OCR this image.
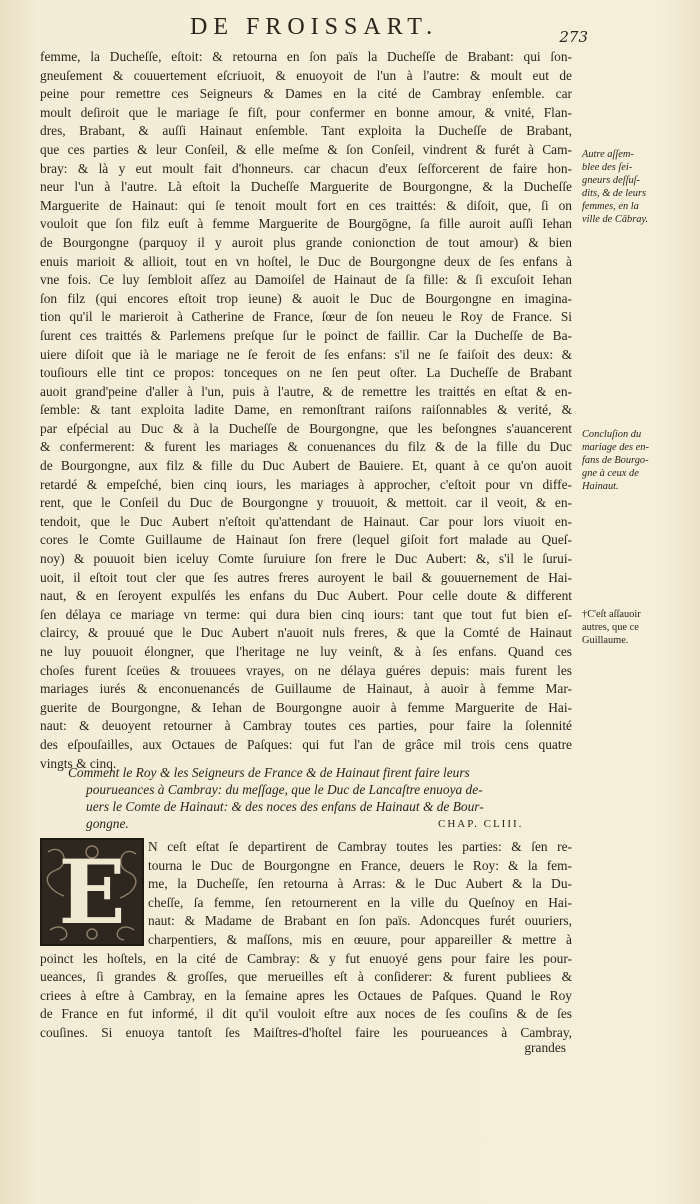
DE FROISSART.	273
femme, la Ducheſſe, eſtoit: & retourna en ſon païs la Ducheſſe de Brabant: qui ſon-
gneuſement & couuertement eſcriuoit, & enuoyoit de l'un à l'autre: & moult eut de
peine pour remettre ces Seigneurs & Dames en la cité de Cambray enſemble. car
moult deſiroit que le mariage ſe fiſt, pour confermer en bonne amour, & vnité, Flan-
dres, Brabant, & auſſi Hainaut enſemble. Tant exploita la Ducheſſe de Brabant,
que ces parties & leur Conſeil, & elle meſme & ſon Conſeil, vindrent & furét à Cam-
bray: & là y eut moult fait d'honneurs. car chacun d'eux ſeſforcerent de faire hon-
neur l'un à l'autre. Là eſtoit la Ducheſſe Marguerite de Bourgongne, & la Ducheſſe
Marguerite de Hainaut: qui ſe tenoit moult fort en ces traittés: & diſoit, que, ſi on
vouloit que ſon filz euſt à femme Marguerite de Bourgōgne, ſa fille auroit auſſi Iehan
de Bourgongne (parquoy il y auroit plus grande conionction de tout amour) & bien
enuis marioit & allioit, tout en vn hoſtel, le Duc de Bourgongne deux de ſes enfans à
vne fois. Ce luy ſembloit aſſez au Damoiſel de Hainaut de ſa fille: & ſi excuſoit Iehan
ſon filz (qui encores eſtoit trop ieune) & auoit le Duc de Bourgongne en imagina-
tion qu'il le marieroit à Catherine de France, ſœur de ſon neueu le Roy de France. Si
ſurent ces traittés & Parlemens preſque ſur le poinct de faillir. Car la Ducheſſe de Ba-
uiere diſoit que ià le mariage ne ſe feroit de ſes enfans: s'il ne ſe faiſoit des deux: &
touſiours elle tint ce propos: tonceques on ne ſen peut oſter. La Ducheſſe de Brabant
auoit grand'peine d'aller à l'un, puis à l'autre, & de remettre les traittés en eſtat & en-
ſemble: & tant exploita ladite Dame, en remonſtrant raiſons raiſonnables & verité, &
par eſpécial au Duc & à la Ducheſſe de Bourgongne, que les beſongnes s'auancerent
& confermerent: & furent les mariages & conuenances du filz & de la fille du Duc
de Bourgongne, aux filz & fille du Duc Aubert de Bauiere. Et, quant à ce qu'on auoit
retardé & empeſché, bien cinq iours, les mariages à approcher, c'eſtoit pour vn diffe-
rent, que le Conſeil du Duc de Bourgongne y trouuoit, & mettoit. car il veoit, & en-
tendoit, que le Duc Aubert n'eſtoit qu'attendant de Hainaut. Car pour lors viuoit en-
cores le Comte Guillaume de Hainaut ſon frere (lequel giſoit fort malade au Queſ-
noy) & pouuoit bien iceluy Comte ſuruiure ſon frere le Duc Aubert: &, s'il le ſurui-
uoit, il eſtoit tout cler que ſes autres freres auroyent le bail & gouuernement de Hai-
naut, & en ſeroyent expulſés les enfans du Duc Aubert. Pour celle doute & different
ſen délaya ce mariage vn terme: qui dura bien cinq iours: tant que tout fut bien eſ-
claircy, & prouué que le Duc Aubert n'auoit nuls freres, & que la Comté de Hainaut
ne luy pouuoit élongner, que l'heritage ne luy veinſt, & à ſes enfans. Quand ces
choſes furent ſceües & trouuees vrayes, on ne délaya guéres depuis: mais furent les
mariages iurés & enconuenancés de Guillaume de Hainaut, à auoir à femme Mar-
guerite de Bourgongne, & Iehan de Bourgongne auoir à femme Marguerite de Hai-
naut: & deuoyent retourner à Cambray toutes ces parties, pour faire la ſolennité
des eſpouſailles, aux Octaues de Paſques: qui fut l'an de grâce mil trois cens quatre
vingts & cinq.
Autre aſſem-
blee des ſei-
gneurs deſſuſ-
dits, & de leurs
femmes, en la
ville de Cābray.
Concluſion du
mariage des en-
fans de Bourgo-
gne à ceux de
Hainaut.
†C'eſt aſſauoir
autres, que ce
Guillaume.
Comment le Roy & les Seigneurs de France & de Hainaut firent faire leurs
pourueances à Cambray: du meſſage, que le Duc de Lancaſtre enuoya de-
uers le Comte de Hainaut: & des noces des enfans de Hainaut & de Bour-
gongne.	CHAP. CLIII.
N ceſt eſtat ſe departirent de Cambray toutes les parties: & ſen re-
tourna le Duc de Bourgongne en France, deuers le Roy: & la fem-
me, la Ducheſſe, ſen retourna à Arras: & le Duc Aubert & la Du-
cheſſe, ſa femme, ſen retournerent en la ville du Queſnoy en Hai-
naut: & Madame de Brabant en ſon païs. Adoncques furét ouuriers,
charpentiers, & maſſons, mis en œuure, pour appareiller & mettre à
poinct les hoſtels, en la cité de Cambray: & y fut enuoyé gens pour faire les pour-
ueances, ſi grandes & groſſes, que merueilles eſt à conſiderer: & furent publiees &
criees à eſtre à Cambray, en la ſemaine apres les Octaues de Paſques. Quand le Roy
de France en fut informé, il dit qu'il vouloit eſtre aux noces de ſes couſins & de ſes
couſines. Si enuoya tantoſt ſes Maiſtres-d'hoſtel faire les pourueances à Cambray,
E
grandes
